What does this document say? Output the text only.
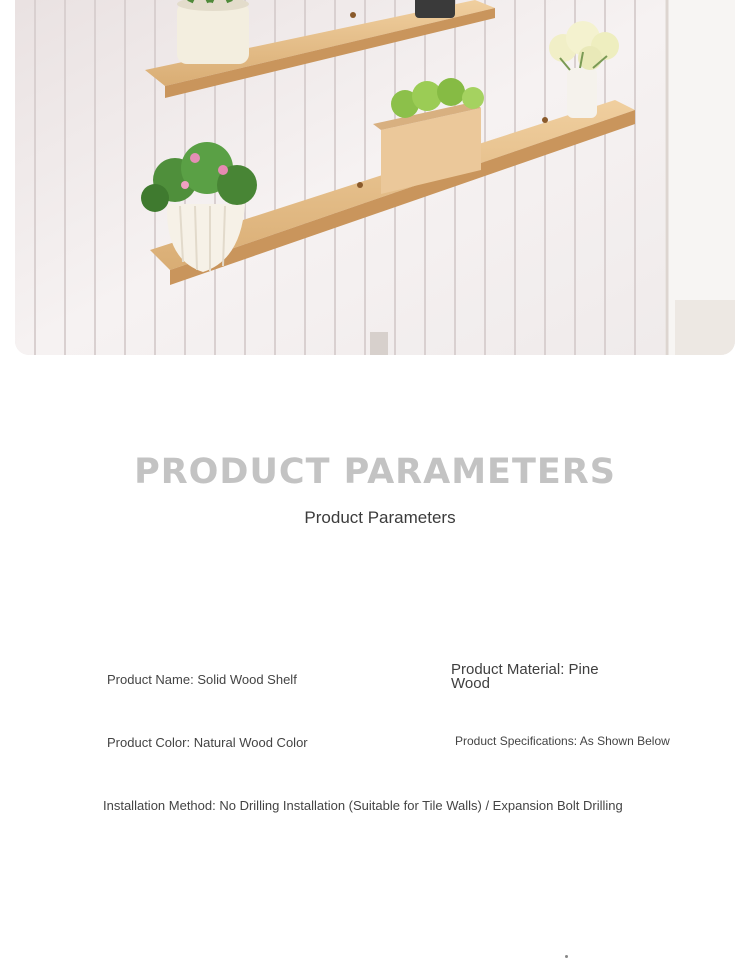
PRODUCT PARAMETERS
Product Parameters
Product Name: Solid Wood Shelf
Product Material: Pine Wood
Product Color: Natural Wood Color	Product Specifications: As Shown Below
Installation Method: No Drilling Installation (Suitable for Tile Walls) / Expansion Bolt Drilling
